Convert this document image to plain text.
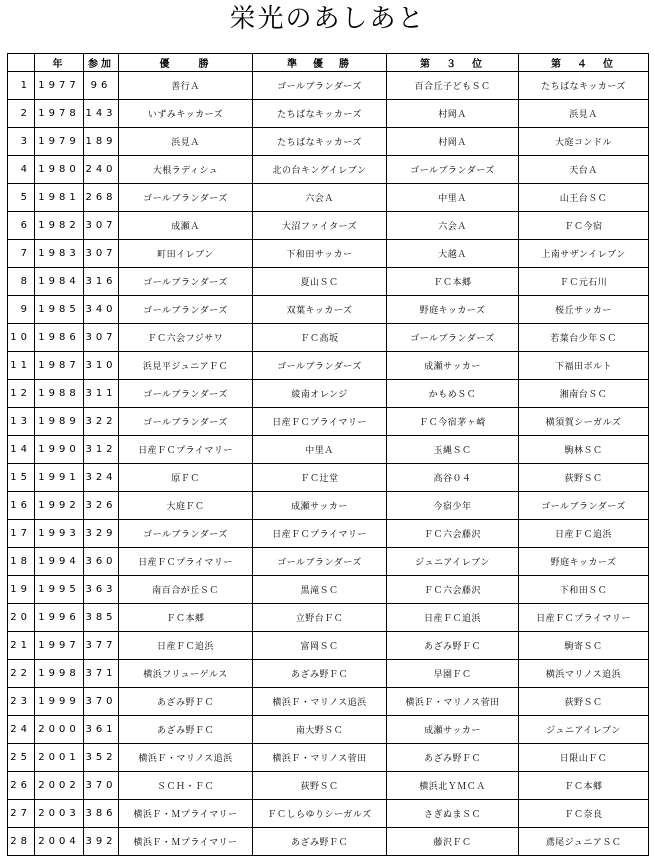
栄光のあしあと
	年	参加	優　　勝	準　優　勝	第　３　位	第　４　位
1	1977	96	善行Ａ	ゴールブランダーズ	百合丘子どもＳＣ	たちばなキッカーズ
2	1978	143	いずみキッカーズ	たちばなキッカーズ	村岡Ａ	浜見Ａ
3	1979	189	浜見Ａ	たちばなキッカーズ	村岡Ａ	大庭コンドル
4	1980	240	大根ラディシュ	北の台キングイレブン	ゴールブランダーズ	天台Ａ
5	1981	268	ゴールブランダーズ	六会Ａ	中里Ａ	山王台ＳＣ
6	1982	307	成瀬Ａ	大沼ファイターズ	六会Ａ	ＦＣ今宿
7	1983	307	町田イレブン	下和田サッカー	大越Ａ	上南サザンイレブン
8	1984	316	ゴールブランダーズ	夏山ＳＣ	ＦＣ本郷	ＦＣ元石川
9	1985	340	ゴールブランダーズ	双葉キッカーズ	野庭キッカーズ	桜丘サッカー
10	1986	307	ＦＣ六会フジサワ	ＦＣ高坂	ゴールブランダーズ	若葉台少年ＳＣ
11	1987	310	浜見平ジュニアＦＣ	ゴールブランダーズ	成瀬サッカー	下福田ボルト
12	1988	311	ゴールブランダーズ	綾南オレンジ	かもめＳＣ	湘南台ＳＣ
13	1989	322	ゴールブランダーズ	日産ＦＣプライマリー	ＦＣ今宿茅ヶ崎	横須賀シーガルズ
14	1990	312	日産ＦＣプライマリー	中里Ａ	玉縄ＳＣ	駒林ＳＣ
15	1991	324	原ＦＣ	ＦＣ辻堂	高谷０４	荻野ＳＣ
16	1992	326	大庭ＦＣ	成瀬サッカー	今宿少年	ゴールブランダーズ
17	1993	329	ゴールブランダーズ	日産ＦＣプライマリー	ＦＣ六会藤沢	日産ＦＣ追浜
18	1994	360	日産ＦＣプライマリー	ゴールブランダーズ	ジュニアイレブン	野庭キッカーズ
19	1995	363	南百合が丘ＳＣ	黒滝ＳＣ	ＦＣ六会藤沢	下和田ＳＣ
20	1996	385	ＦＣ本郷	立野台ＦＣ	日産ＦＣ追浜	日産ＦＣプライマリー
21	1997	377	日産ＦＣ追浜	富岡ＳＣ	あざみ野ＦＣ	駒寄ＳＣ
22	1998	371	横浜フリューゲルス	あざみ野ＦＣ	早園ＦＣ	横浜マリノス追浜
23	1999	370	あざみ野ＦＣ	横浜Ｆ・マリノス追浜	横浜Ｆ・マリノス菅田	荻野ＳＣ
24	2000	361	あざみ野ＦＣ	南大野ＳＣ	成瀬サッカー	ジュニアイレブン
25	2001	352	横浜Ｆ・マリノス追浜	横浜Ｆ・マリノス菅田	あざみ野ＦＣ	日限山ＦＣ
26	2002	370	ＳＣＨ・ＦＣ	荻野ＳＣ	横浜北ＹＭＣＡ	ＦＣ本郷
27	2003	386	横浜Ｆ・Ｍプライマリー	ＦＣしらゆりシーガルズ	さぎぬまＳＣ	ＦＣ奈良
28	2004	392	横浜Ｆ・Ｍプライマリー	あざみ野ＦＣ	藤沢ＦＣ	鳶尾ジュニアＳＣ
